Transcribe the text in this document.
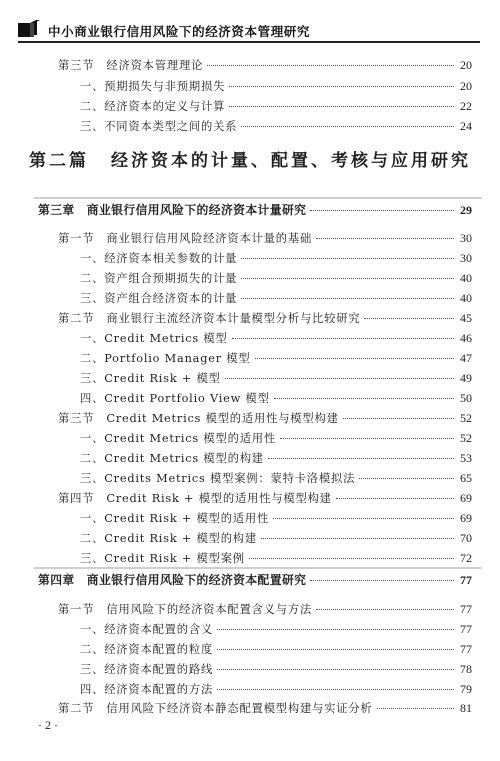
中小商业银行信用风险下的经济资本管理研究
第三节　经济资本管理理论	20
一、预期损失与非预期损失	20
二、经济资本的定义与计算	22
三、不同资本类型之间的关系	24
第二篇 经济资本的计量、配置、考核与应用研究
第三章　商业银行信用风险下的经济资本计量研究	29
第一节　商业银行信用风险经济资本计量的基础	30
一、经济资本相关参数的计量	30
二、资产组合预期损失的计量	40
三、资产组合经济资本的计量	40
第二节　商业银行主流经济资本计量模型分析与比较研究	45
一、Credit Metrics 模型	46
二、Portfolio Manager 模型	47
三、Credit Risk + 模型	49
四、Credit Portfolio View 模型	50
第三节　Credit Metrics 模型的适用性与模型构建	52
一、Credit Metrics 模型的适用性	52
二、Credit Metrics 模型的构建	53
三、Credits Metrics 模型案例：蒙特卡洛模拟法	65
第四节　Credit Risk + 模型的适用性与模型构建	69
一、Credit Risk + 模型的适用性	69
二、Credit Risk + 模型的构建	70
三、Credit Risk + 模型案例	72
第四章　商业银行信用风险下的经济资本配置研究	77
第一节　信用风险下的经济资本配置含义与方法	77
一、经济资本配置的含义	77
二、经济资本配置的粒度	77
三、经济资本配置的路线	78
四、经济资本配置的方法	79
第二节　信用风险下经济资本静态配置模型构建与实证分析	81
· 2 ·
